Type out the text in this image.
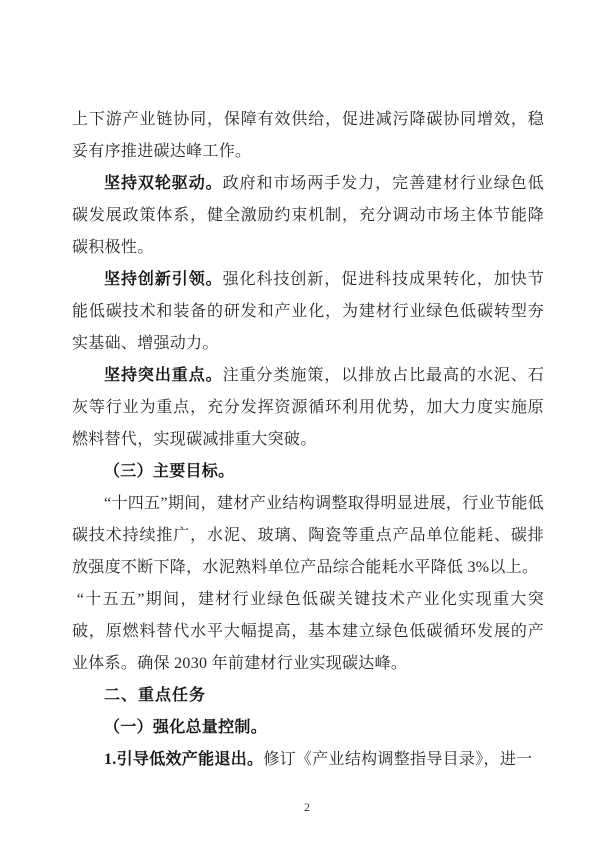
上下游产业链协同，保障有效供给，促进减污降碳协同增效，稳妥有序推进碳达峰工作。

坚持双轮驱动。政府和市场两手发力，完善建材行业绿色低碳发展政策体系，健全激励约束机制，充分调动市场主体节能降碳积极性。

坚持创新引领。强化科技创新，促进科技成果转化，加快节能低碳技术和装备的研发和产业化，为建材行业绿色低碳转型夯实基础、增强动力。

坚持突出重点。注重分类施策，以排放占比最高的水泥、石灰等行业为重点，充分发挥资源循环利用优势，加大力度实施原燃料替代，实现碳减排重大突破。

（三）主要目标。

“十四五”期间，建材产业结构调整取得明显进展，行业节能低碳技术持续推广，水泥、玻璃、陶瓷等重点产品单位能耗、碳排放强度不断下降，水泥熟料单位产品综合能耗水平降低 3%以上。

“十五五”期间，建材行业绿色低碳关键技术产业化实现重大突破，原燃料替代水平大幅提高，基本建立绿色低碳循环发展的产业体系。确保 2030 年前建材行业实现碳达峰。

二、重点任务

（一）强化总量控制。

1.引导低效产能退出。修订《产业结构调整指导目录》，进一

2
